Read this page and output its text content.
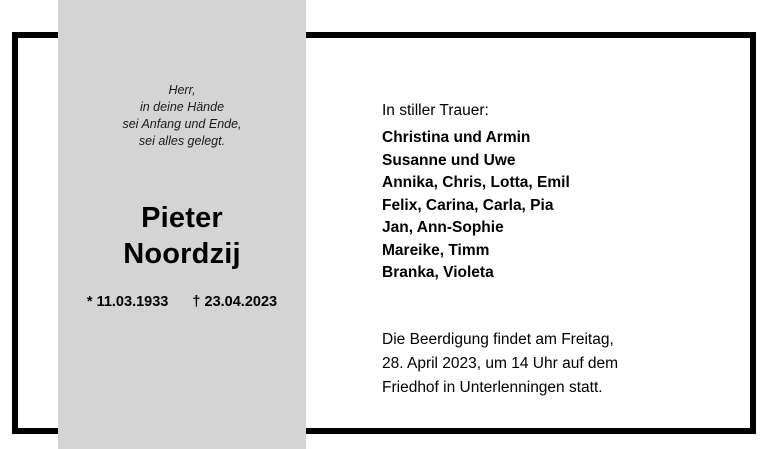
Herr,
in deine Hände
sei Anfang und Ende,
sei alles gelegt.
Pieter
Noordzij
* 11.03.1933 † 23.04.2023
In stiller Trauer:
Christina und Armin
Susanne und Uwe
Annika, Chris, Lotta, Emil
Felix, Carina, Carla, Pia
Jan, Ann-Sophie
Mareike, Timm
Branka, Violeta
Die Beerdigung findet am Freitag,
28. April 2023, um 14 Uhr auf dem
Friedhof in Unterlenningen statt.
